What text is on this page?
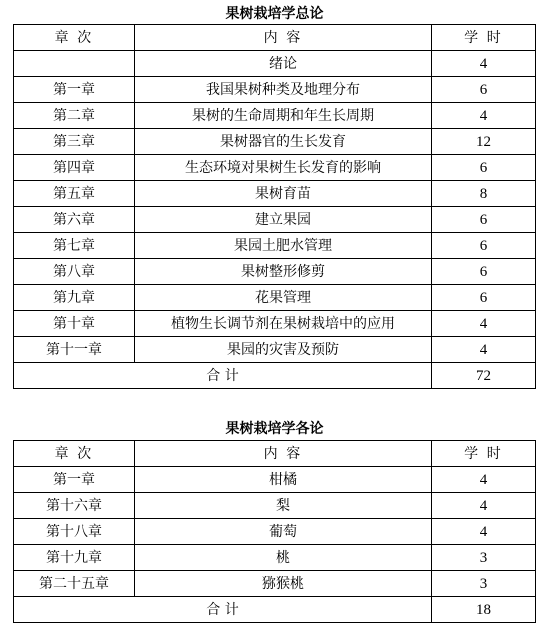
果树栽培学总论
章 次	内 容	学 时
	绪论	4
第一章	我国果树种类及地理分布	6
第二章	果树的生命周期和年生长周期	4
第三章	果树器官的生长发育	12
第四章	生态环境对果树生长发育的影响	6
第五章	果树育苗	8
第六章	建立果园	6
第七章	果园土肥水管理	6
第八章	果树整形修剪	6
第九章	花果管理	6
第十章	植物生长调节剂在果树栽培中的应用	4
第十一章	果园的灾害及预防	4
合 计		72
果树栽培学各论
章 次	内 容	学 时
第一章	柑橘	4
第十六章	梨	4
第十八章	葡萄	4
第十九章	桃	3
第二十五章	猕猴桃	3
合 计		18
